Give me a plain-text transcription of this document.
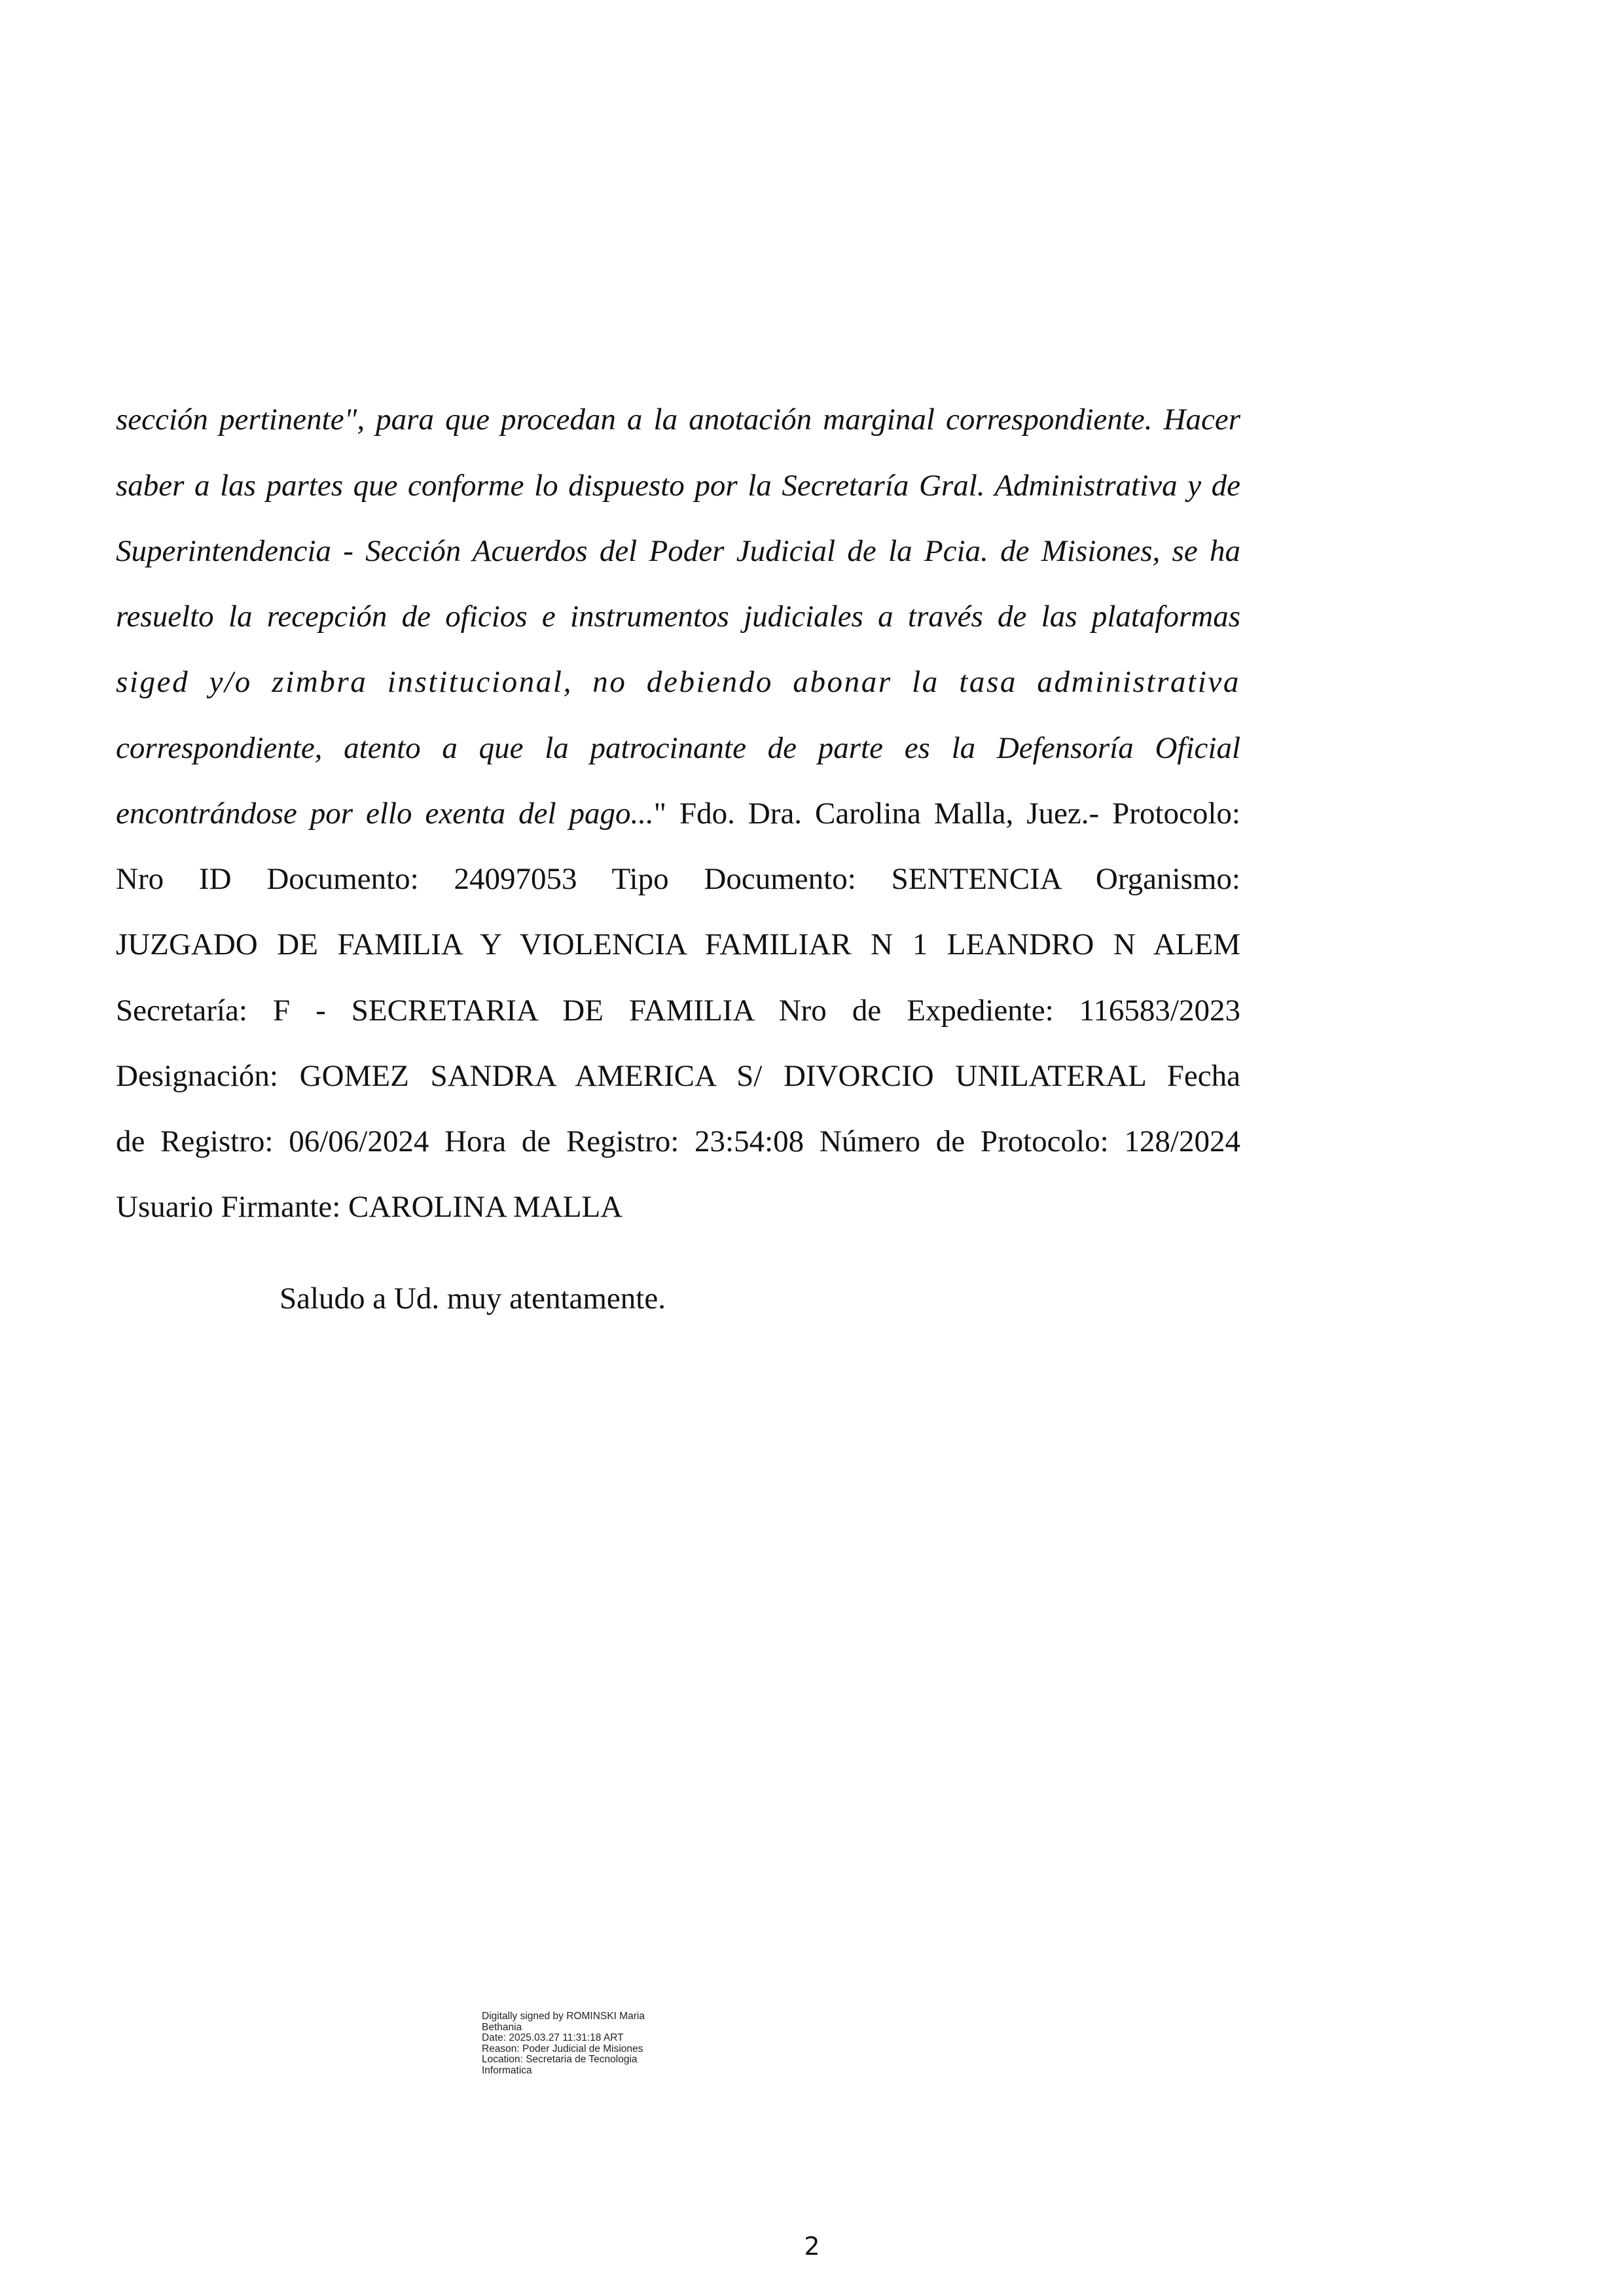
sección pertinente", para que procedan a la anotación marginal correspondiente. Hacer
saber a las partes que conforme lo dispuesto por la Secretaría Gral. Administrativa y de
Superintendencia - Sección Acuerdos del Poder Judicial de la Pcia. de Misiones, se ha
resuelto la recepción de oficios e instrumentos judiciales a través de las plataformas
siged y/o zimbra institucional, no debiendo abonar la tasa administrativa
correspondiente, atento a que la patrocinante de parte es la Defensoría Oficial
encontrándose por ello exenta del pago..." Fdo. Dra. Carolina Malla, Juez.- Protocolo:
Nro ID Documento: 24097053 Tipo Documento: SENTENCIA Organismo:
JUZGADO DE FAMILIA Y VIOLENCIA FAMILIAR N 1 LEANDRO N ALEM
Secretaría: F - SECRETARIA DE FAMILIA Nro de Expediente: 116583/2023
Designación: GOMEZ SANDRA AMERICA S/ DIVORCIO UNILATERAL Fecha
de Registro: 06/06/2024 Hora de Registro: 23:54:08 Número de Protocolo: 128/2024
Usuario Firmante: CAROLINA MALLA
Saludo a Ud. muy atentamente.
Digitally signed by ROMINSKI Maria
Bethania
Date: 2025.03.27 11:31:18 ART
Reason: Poder Judicial de Misiones
Location: Secretaria de Tecnologia
Informatica
2
